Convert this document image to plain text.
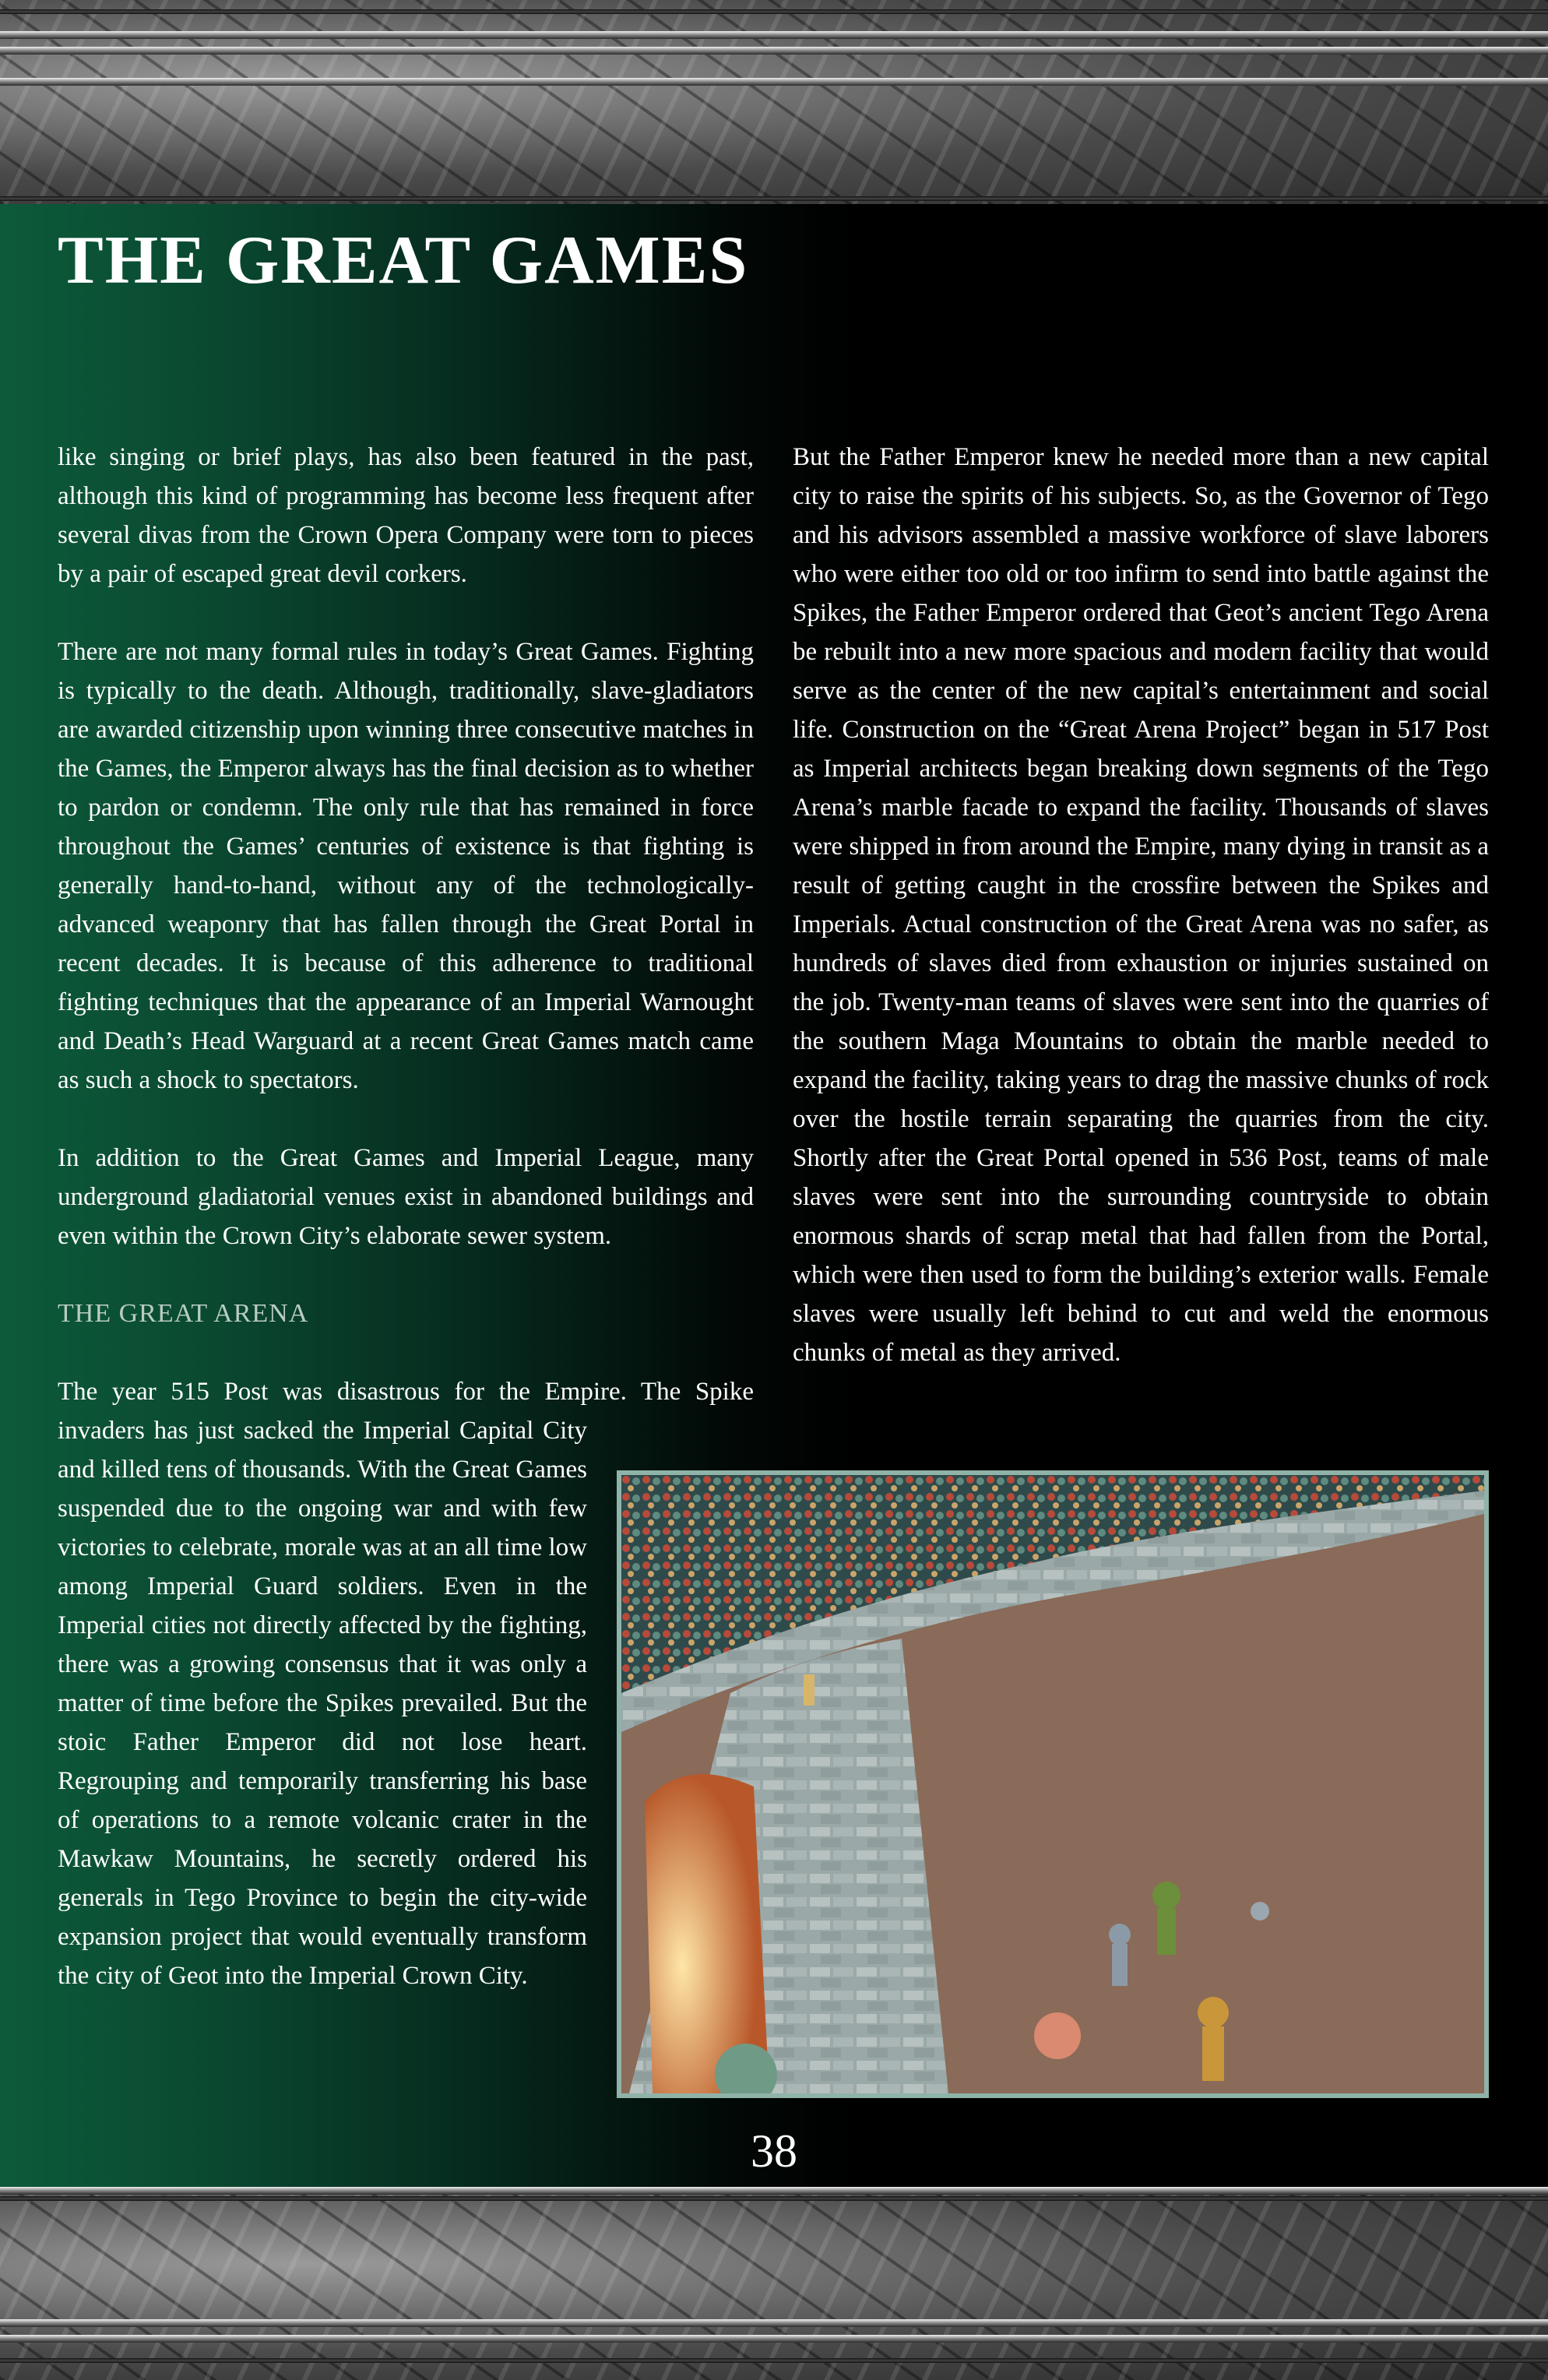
THE GREAT GAMES

like singing or brief plays, has also been featured in the past, although this kind of programming has become less frequent after several divas from the Crown Opera Company were torn to pieces by a pair of escaped great devil corkers.

There are not many formal rules in today’s Great Games. Fighting is typically to the death. Although, traditionally, slave-gladiators are awarded citizenship upon winning three consecutive matches in the Games, the Emperor always has the final decision as to whether to pardon or condemn. The only rule that has remained in force throughout the Games’ centuries of existence is that fighting is generally hand-to-hand, without any of the technologically-advanced weaponry that has fallen through the Great Portal in recent decades. It is because of this adherence to traditional fighting techniques that the appearance of an Imperial Warnought and Death’s Head Warguard at a recent Great Games match came as such a shock to spectators.

In addition to the Great Games and Imperial League, many underground gladiatorial venues exist in abandoned buildings and even within the Crown City’s elaborate sewer system.

THE GREAT ARENA

The year 515 Post was disastrous for the Empire. The Spike
invaders has just sacked the Imperial Capital City and killed tens of thousands. With the Great Games suspended due to the ongoing war and with few victories to celebrate, morale was at an all time low among Imperial Guard soldiers. Even in the Imperial cities not directly affected by the fighting, there was a growing consensus that it was only a matter of time before the Spikes prevailed. But the stoic Father Emperor did not lose heart. Regrouping and temporarily transferring his base of operations to a remote volcanic crater in the Mawkaw Mountains, he secretly ordered his generals in Tego Province to begin the city-wide expansion project that would eventually transform the city of Geot into the Imperial Crown City.

But the Father Emperor knew he needed more than a new capital city to raise the spirits of his subjects. So, as the Governor of Tego and his advisors assembled a massive workforce of slave laborers who were either too old or too infirm to send into battle against the Spikes, the Father Emperor ordered that Geot’s ancient Tego Arena be rebuilt into a new more spacious and modern facility that would serve as the center of the new capital’s entertainment and social life. Construction on the “Great Arena Project” began in 517 Post as Imperial architects began breaking down segments of the Tego Arena’s marble facade to expand the facility. Thousands of slaves were shipped in from around the Empire, many dying in transit as a result of getting caught in the crossfire between the Spikes and Imperials. Actual construction of the Great Arena was no safer, as hundreds of slaves died from exhaustion or injuries sustained on the job. Twenty-man teams of slaves were sent into the quarries of the southern Maga Mountains to obtain the marble needed to expand the facility, taking years to drag the massive chunks of rock over the hostile terrain separating the quarries from the city. Shortly after the Great Portal opened in 536 Post, teams of male slaves were sent into the surrounding countryside to obtain enormous shards of scrap metal that had fallen from the Portal, which were then used to form the building’s exterior walls. Female slaves were usually left behind to cut and weld the enormous chunks of metal as they arrived.

38
